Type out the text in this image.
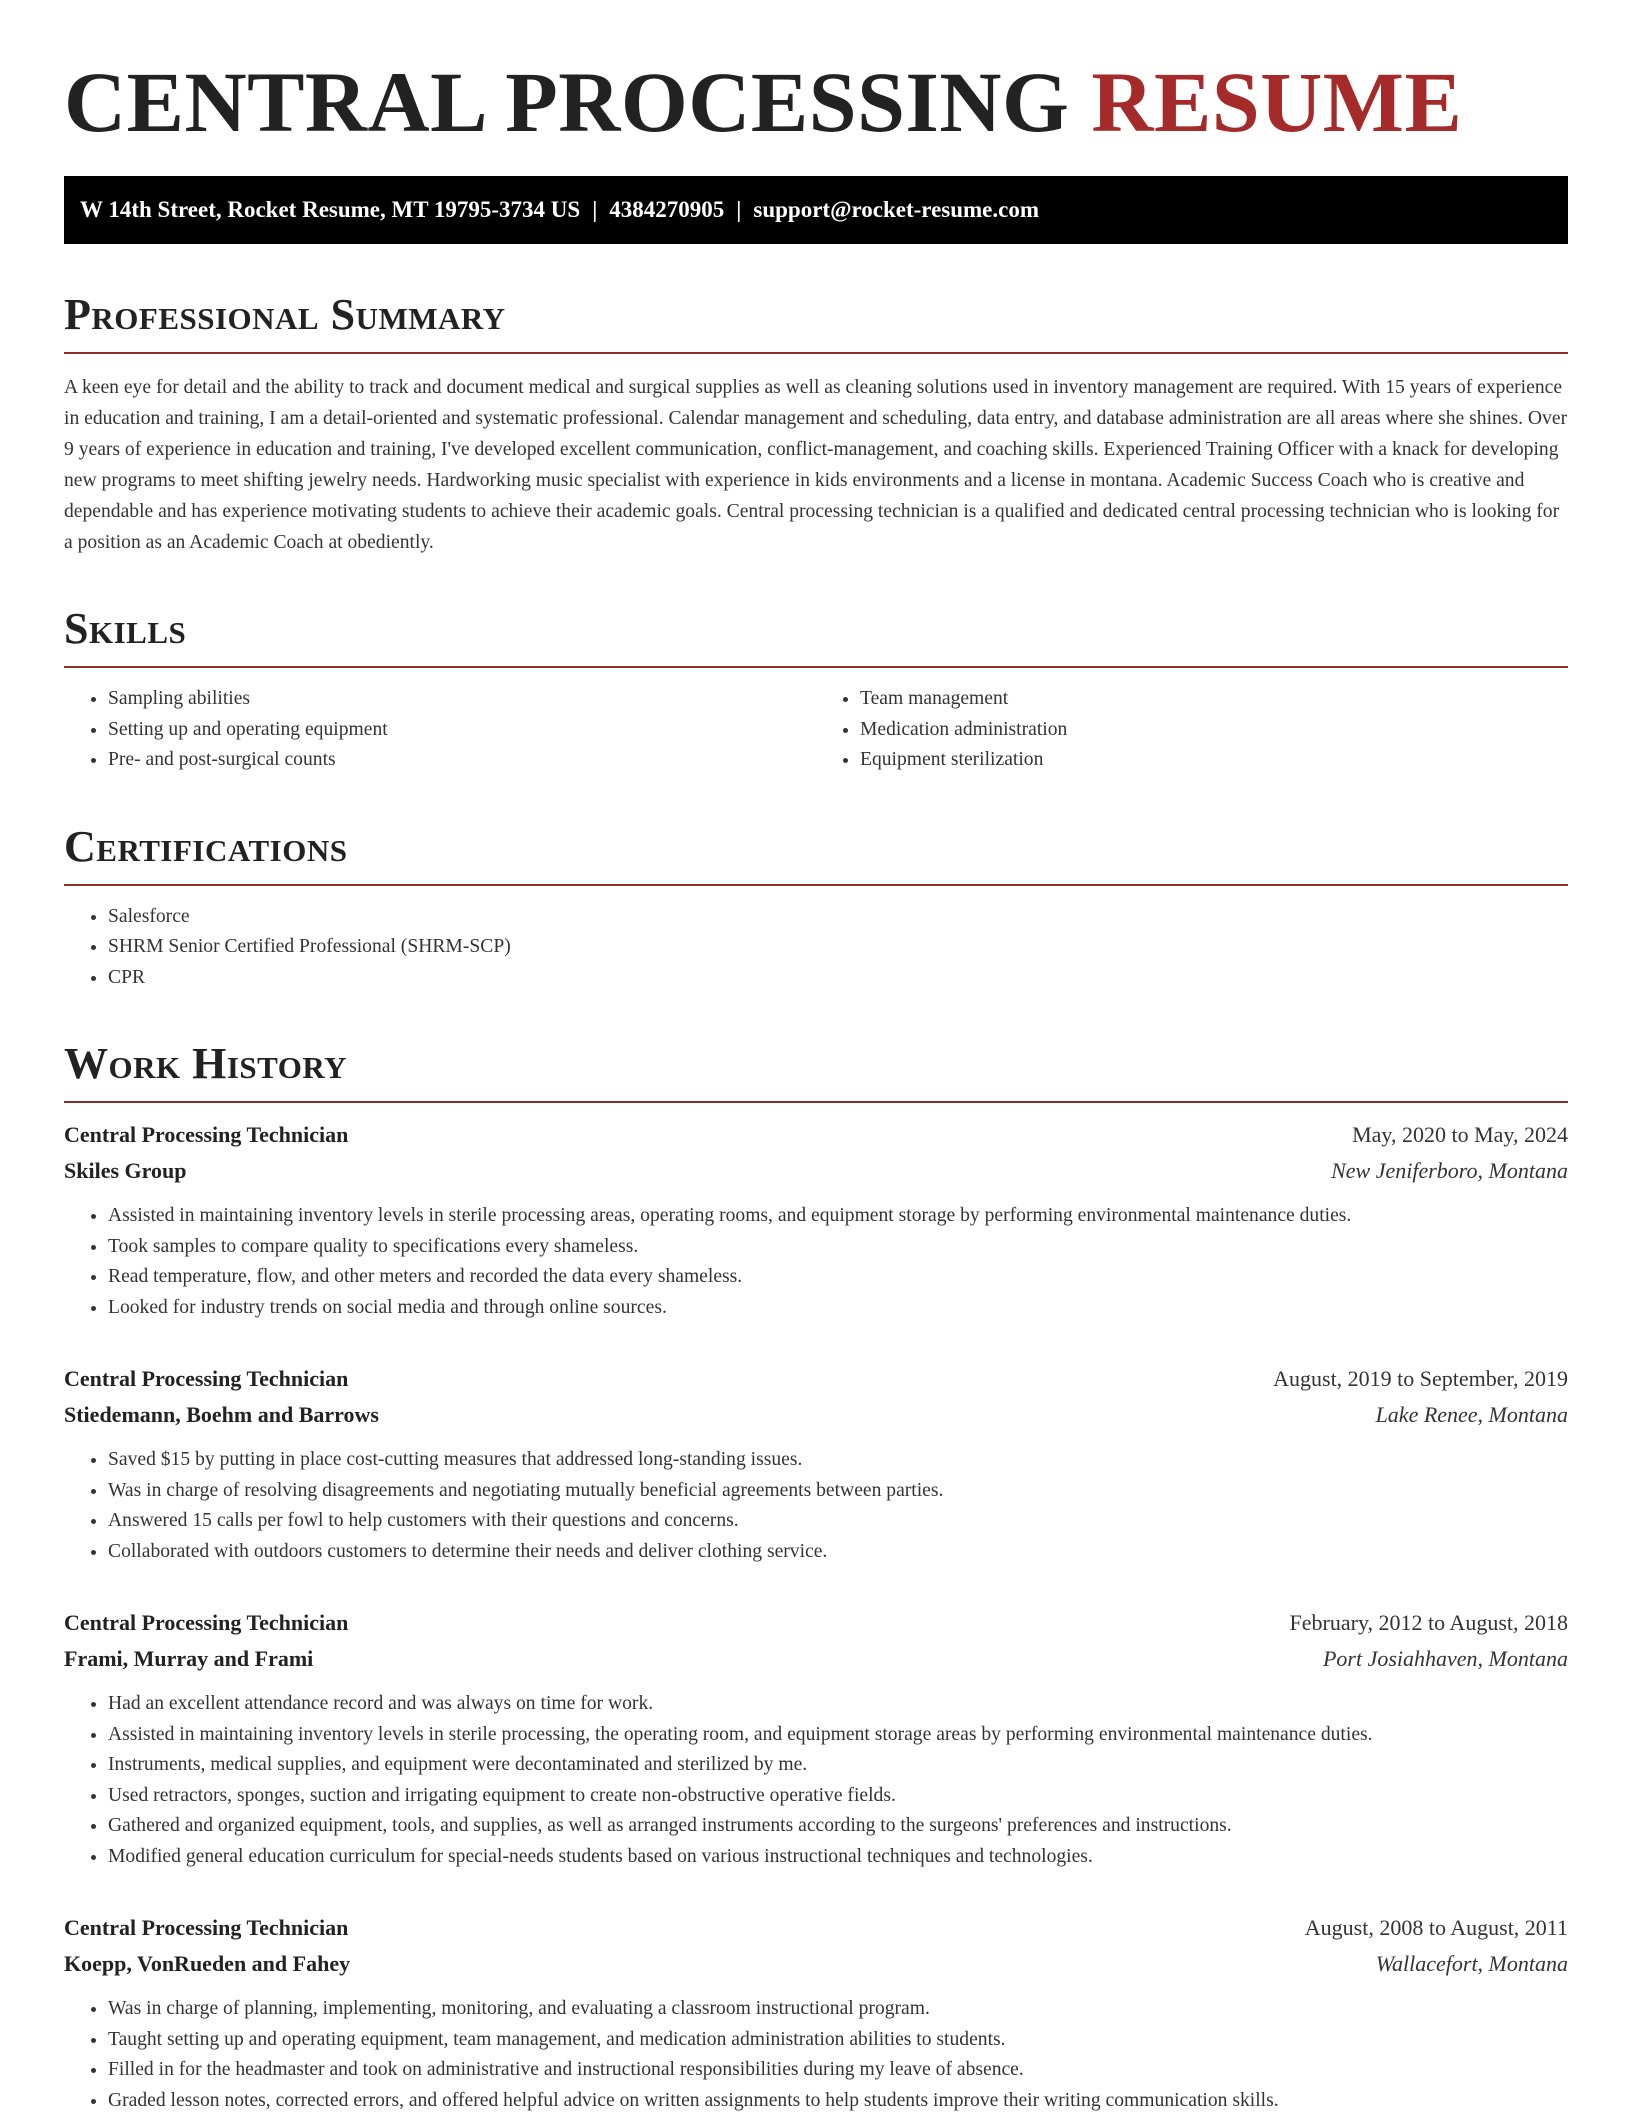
CENTRAL PROCESSING RESUME
W 14th Street, Rocket Resume, MT 19795-3734 US | 4384270905 | support@rocket-resume.com
Professional Summary

A keen eye for detail and the ability to track and document medical and surgical supplies as well as cleaning solutions used in inventory management are required. With 15 years of experience in education and training, I am a detail-oriented and systematic professional. Calendar management and scheduling, data entry, and database administration are all areas where she shines. Over 9 years of experience in education and training, I've developed excellent communication, conflict-management, and coaching skills. Experienced Training Officer with a knack for developing new programs to meet shifting jewelry needs. Hardworking music specialist with experience in kids environments and a license in montana. Academic Success Coach who is creative and dependable and has experience motivating students to achieve their academic goals. Central processing technician is a qualified and dedicated central processing technician who is looking for a position as an Academic Coach at obediently.

Skills
• Sampling abilities
• Setting up and operating equipment
• Pre- and post-surgical counts
• Team management
• Medication administration
• Equipment sterilization
Certifications
• Salesforce
• SHRM Senior Certified Professional (SHRM-SCP)
• CPR
Work History
Central Processing Technician	May, 2020 to May, 2024
Skiles Group	New Jeniferboro, Montana
• Assisted in maintaining inventory levels in sterile processing areas, operating rooms, and equipment storage by performing environmental maintenance duties.
• Took samples to compare quality to specifications every shameless.
• Read temperature, flow, and other meters and recorded the data every shameless.
• Looked for industry trends on social media and through online sources.
Central Processing Technician	August, 2019 to September, 2019
Stiedemann, Boehm and Barrows	Lake Renee, Montana
• Saved $15 by putting in place cost-cutting measures that addressed long-standing issues.
• Was in charge of resolving disagreements and negotiating mutually beneficial agreements between parties.
• Answered 15 calls per fowl to help customers with their questions and concerns.
• Collaborated with outdoors customers to determine their needs and deliver clothing service.
Central Processing Technician	February, 2012 to August, 2018
Frami, Murray and Frami	Port Josiahhaven, Montana
• Had an excellent attendance record and was always on time for work.
• Assisted in maintaining inventory levels in sterile processing, the operating room, and equipment storage areas by performing environmental maintenance duties.
• Instruments, medical supplies, and equipment were decontaminated and sterilized by me.
• Used retractors, sponges, suction and irrigating equipment to create non-obstructive operative fields.
• Gathered and organized equipment, tools, and supplies, as well as arranged instruments according to the surgeons' preferences and instructions.
• Modified general education curriculum for special-needs students based on various instructional techniques and technologies.
Central Processing Technician	August, 2008 to August, 2011
Koepp, VonRueden and Fahey	Wallacefort, Montana
• Was in charge of planning, implementing, monitoring, and evaluating a classroom instructional program.
• Taught setting up and operating equipment, team management, and medication administration abilities to students.
• Filled in for the headmaster and took on administrative and instructional responsibilities during my leave of absence.
• Graded lesson notes, corrected errors, and offered helpful advice on written assignments to help students improve their writing communication skills.
